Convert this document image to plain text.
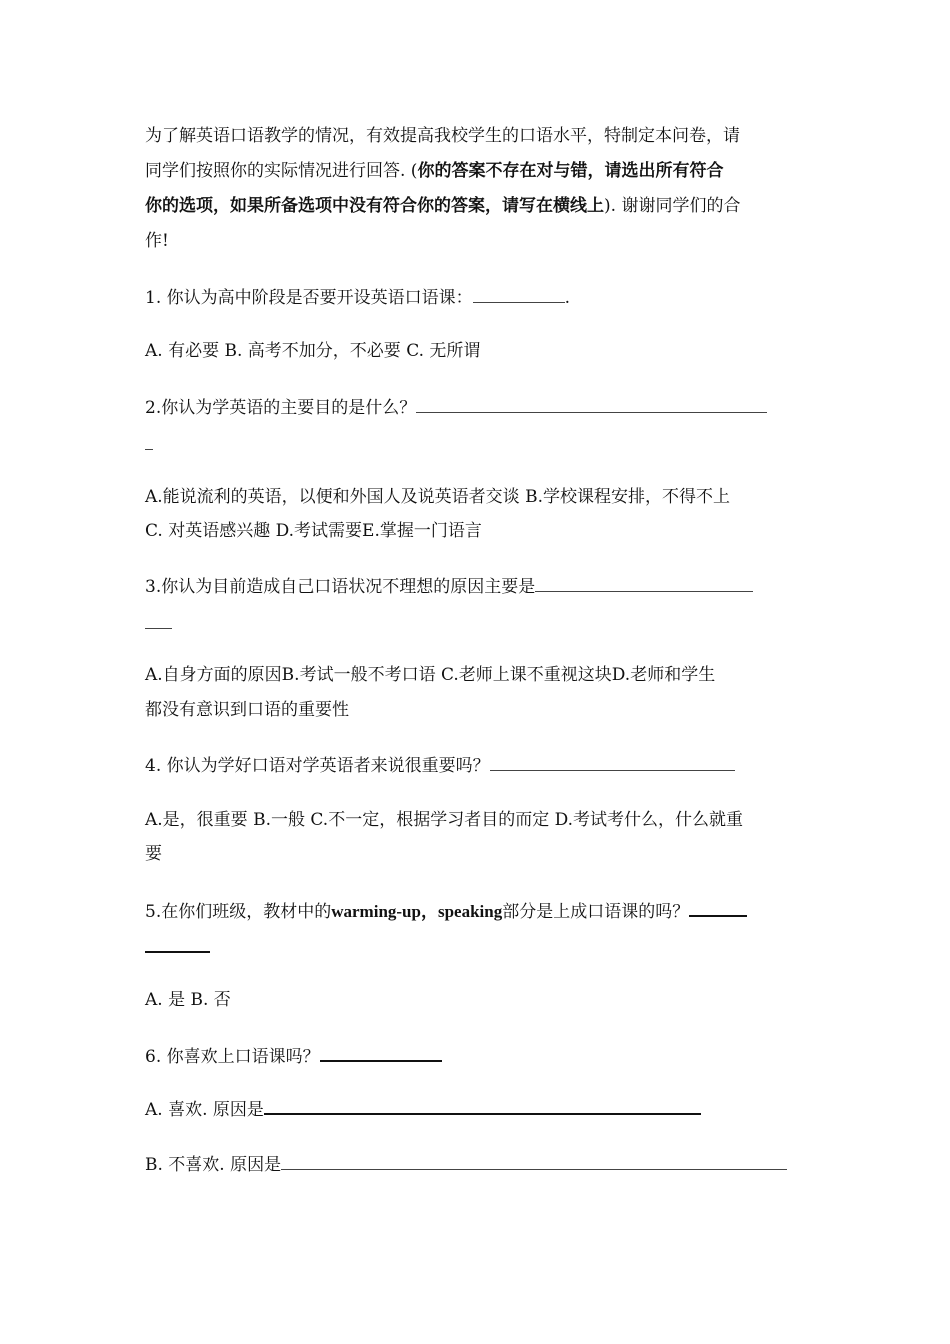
为了解英语口语教学的情况，有效提高我校学生的口语水平，特制定本问卷，请
同学们按照你的实际情况进行回答. (你的答案不存在对与错，请选出所有符合
你的选项，如果所备选项中没有符合你的答案，请写在横线上). 谢谢同学们的合
作!
1. 你认为高中阶段是否要开设英语口语课：	.
A. 有必要 B. 高考不加分，不必要 C. 无所谓
2.你认为学英语的主要目的是什么？
A.能说流利的英语，以便和外国人及说英语者交谈 B.学校课程安排，不得不上
C. 对英语感兴趣 D.考试需要E.掌握一门语言
3.你认为目前造成自己口语状况不理想的原因主要是
A.自身方面的原因B.考试一般不考口语 C.老师上课不重视这块D.老师和学生
都没有意识到口语的重要性
4. 你认为学好口语对学英语者来说很重要吗？
A.是，很重要 B.一般 C.不一定，根据学习者目的而定 D.考试考什么，什么就重
要
5.在你们班级，教材中的warming-up，speaking部分是上成口语课的吗？
A. 是 B. 否
6. 你喜欢上口语课吗？
A. 喜欢. 原因是
B. 不喜欢. 原因是
